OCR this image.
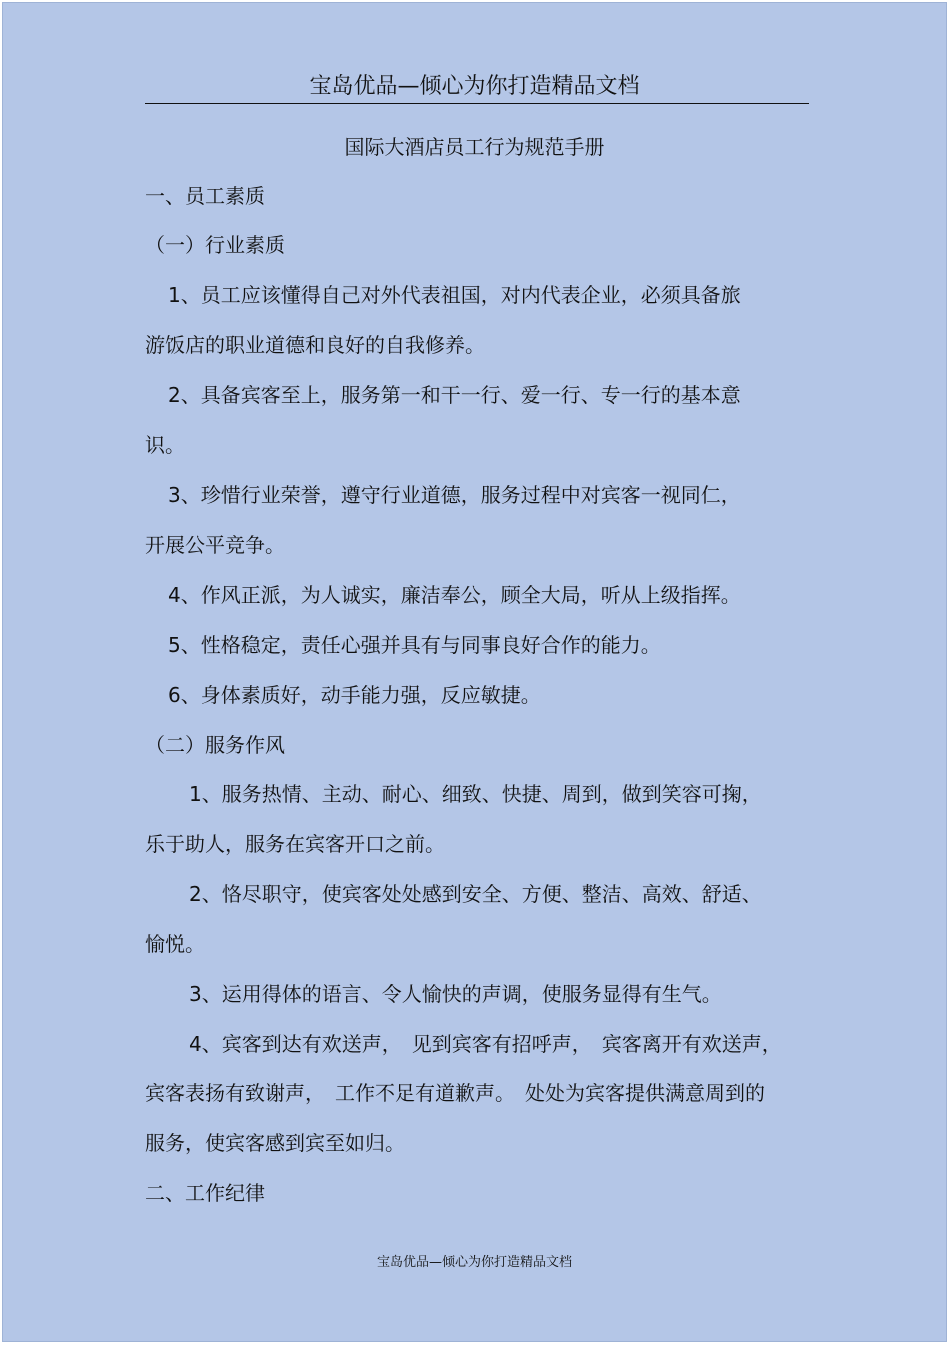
宝岛优品—倾心为你打造精品文档
国际大酒店员工行为规范手册
一、员工素质
（一）行业素质
1、员工应该懂得自己对外代表祖国，对内代表企业，必须具备旅
游饭店的职业道德和良好的自我修养。
2、具备宾客至上，服务第一和干一行、爱一行、专一行的基本意
识。
3、珍惜行业荣誉，遵守行业道德，服务过程中对宾客一视同仁，
开展公平竞争。
4、作风正派，为人诚实，廉洁奉公，顾全大局，听从上级指挥。
5、性格稳定，责任心强并具有与同事良好合作的能力。
6、身体素质好，动手能力强，反应敏捷。
（二）服务作风
1、服务热情、主动、耐心、细致、快捷、周到，做到笑容可掬，
乐于助人，服务在宾客开口之前。
2、恪尽职守，使宾客处处感到安全、方便、整洁、高效、舒适、
愉悦。
3、运用得体的语言、令人愉快的声调，使服务显得有生气。
4、宾客到达有欢送声，　见到宾客有招呼声，　宾客离开有欢送声，
宾客表扬有致谢声，　工作不足有道歉声。　处处为宾客提供满意周到的
服务，使宾客感到宾至如归。
二、工作纪律
宝岛优品—倾心为你打造精品文档
